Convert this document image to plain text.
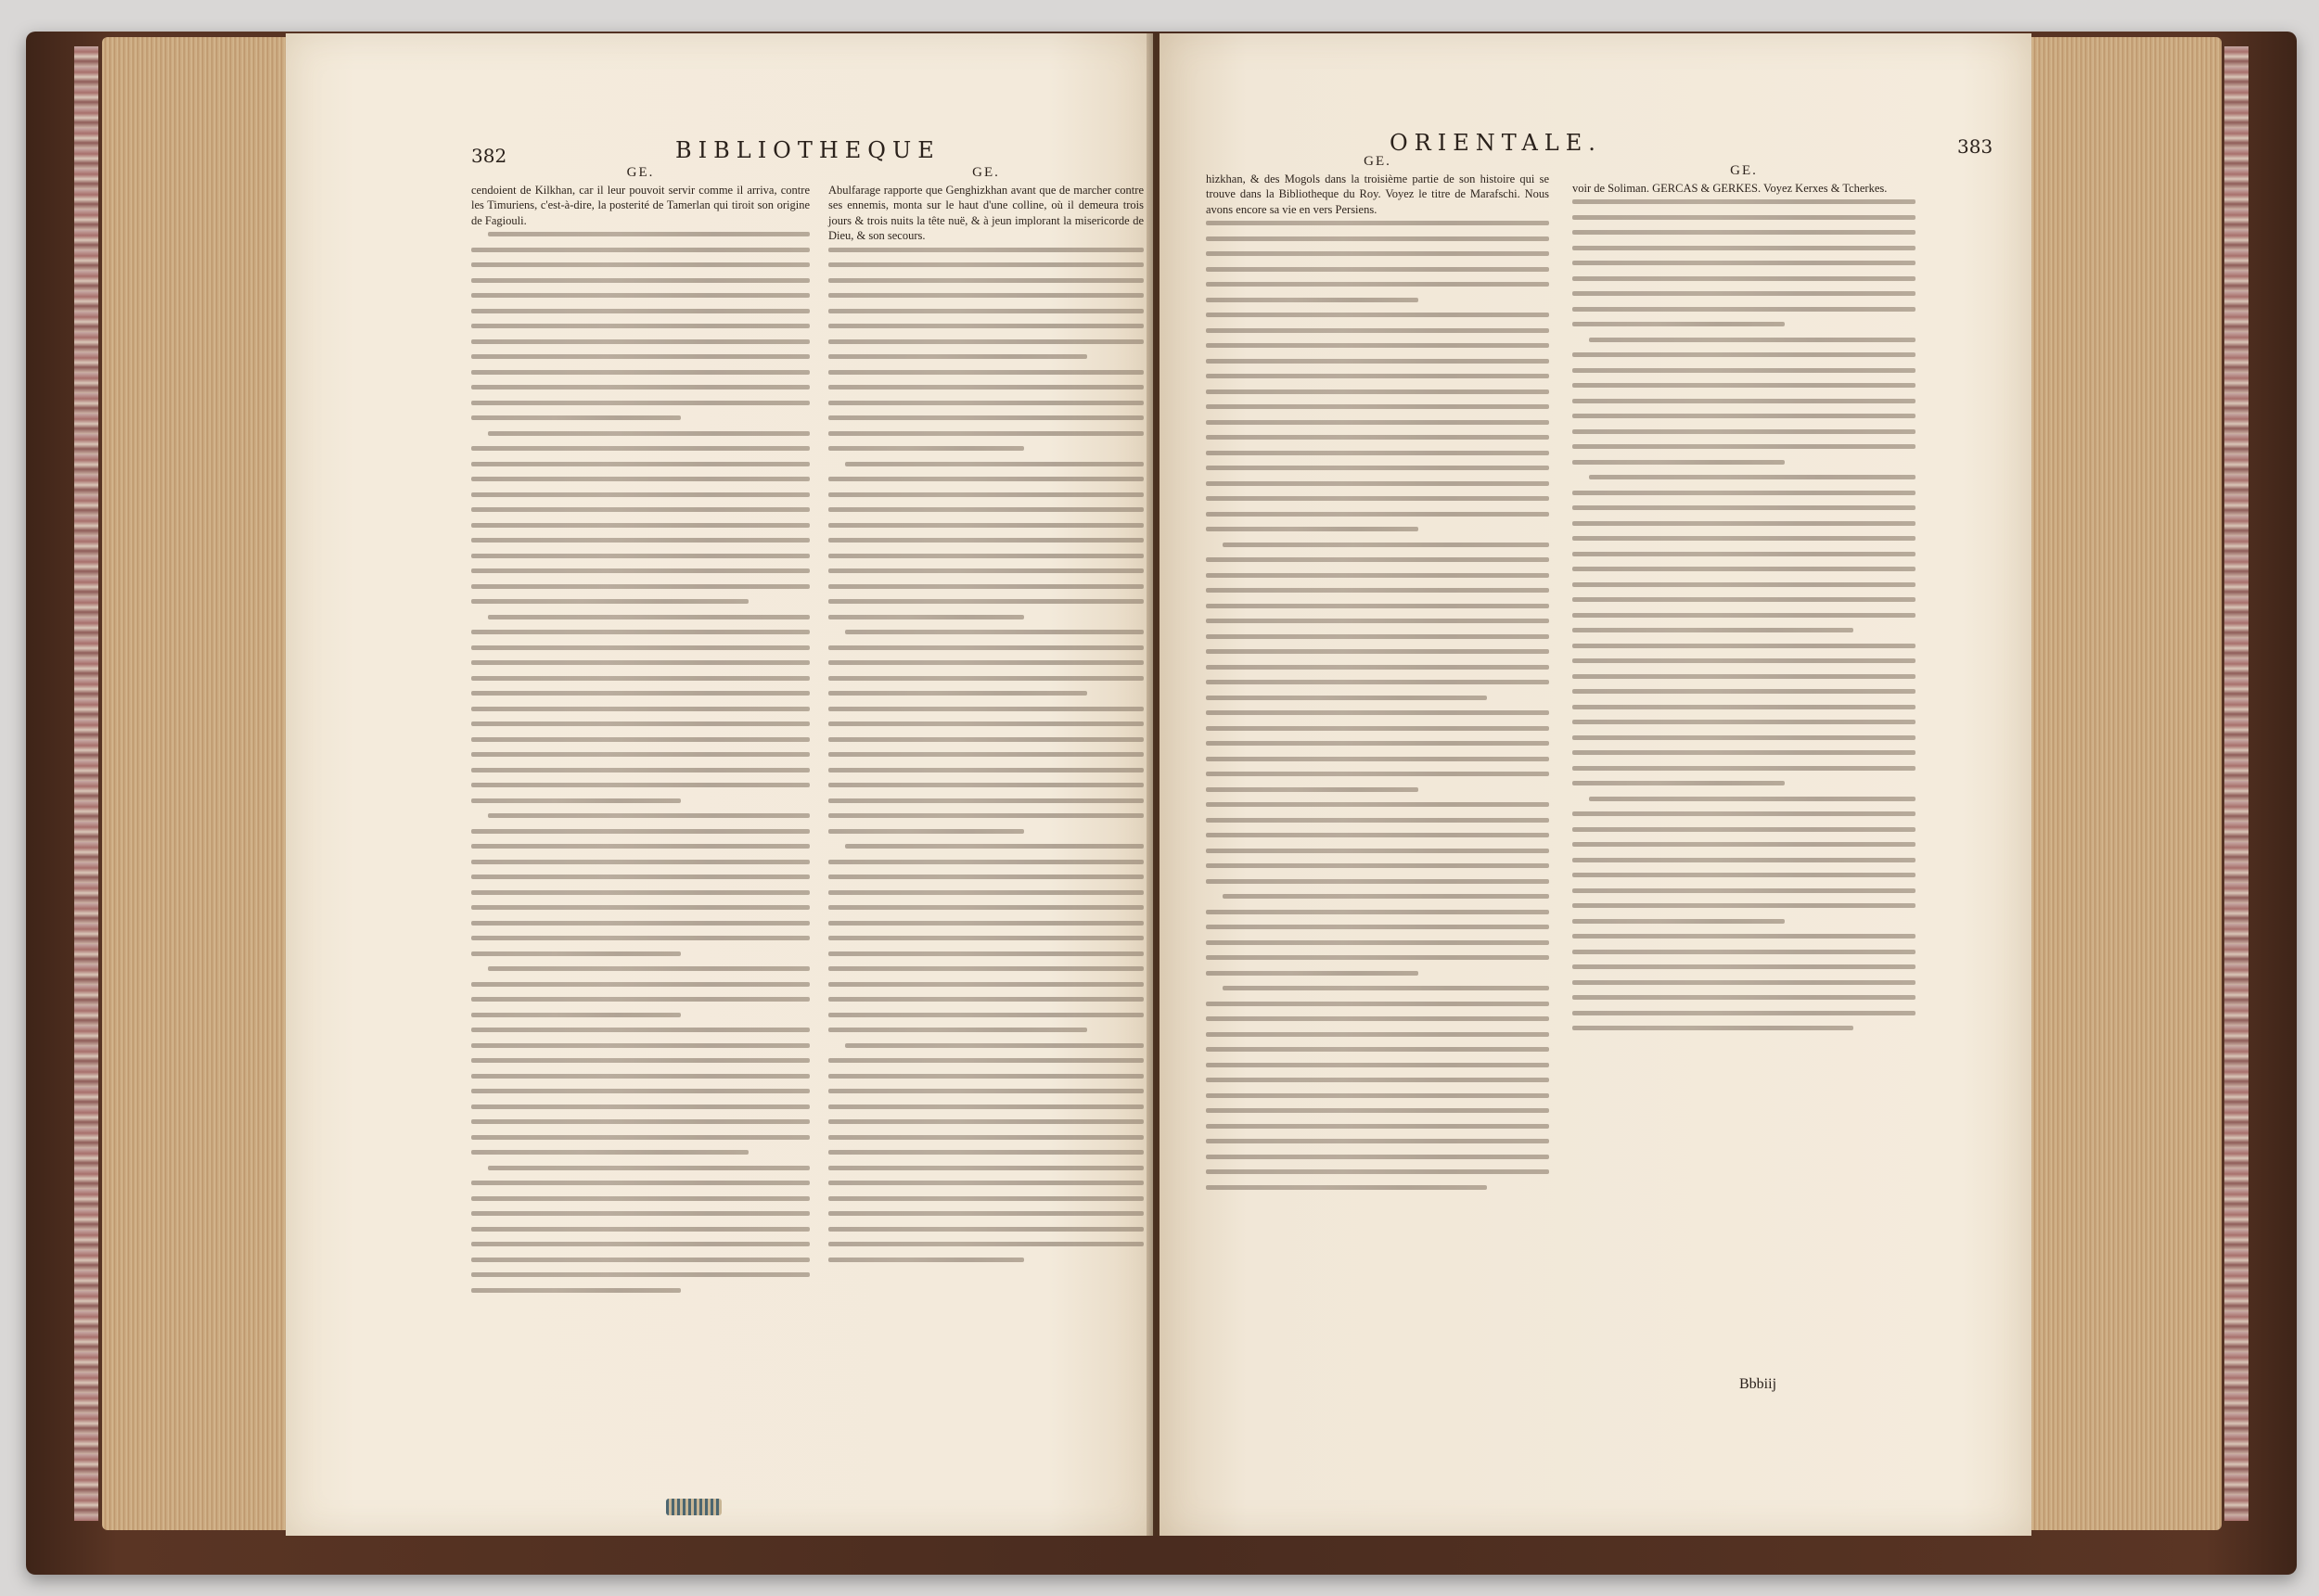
382	BIBLIOTHEQUE
GE.

cendoient de Kilkhan, car il leur pouvoit servir comme il arriva, contre les Timuriens, c'est-à-dire, la posterité de Tamerlan qui tiroit son origine de Fagiouli.

GE.

Abulfarage rapporte que Genghizkhan avant que de marcher contre ses ennemis, monta sur le haut d'une colline, où il demeura trois jours & trois nuits la tête nuë, & à jeun implorant la misericorde de Dieu, & son secours.

ORIENTALE.	383
GE.

hizkhan, & des Mogols dans la troisième partie de son histoire qui se trouve dans la Bibliotheque du Roy. Voyez le titre de Marafschi. Nous avons encore sa vie en vers Persiens.

GE.

voir de Soliman. GERCAS & GERKES. Voyez Kerxes & Tcherkes.

Bbbiij
